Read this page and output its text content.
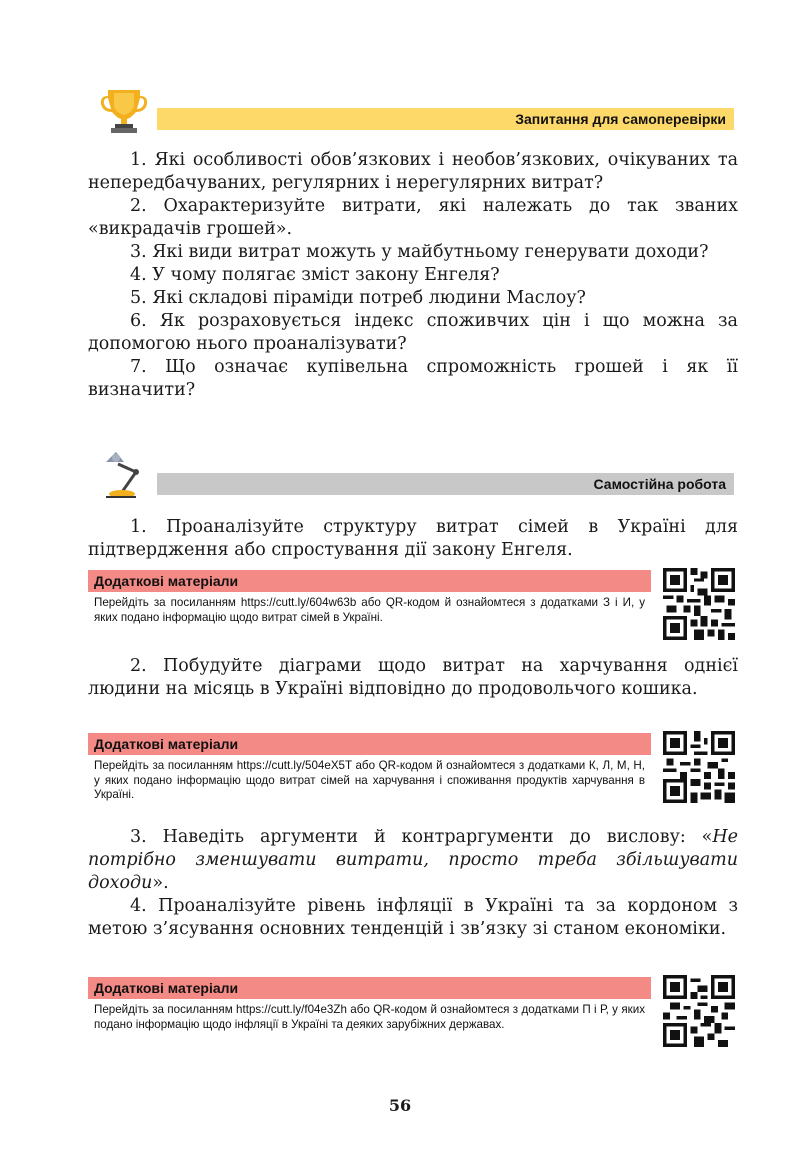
Запитання для самоперевірки

1. Які особливості обов’язкових і необов’язкових, очікуваних та непередбачуваних, регулярних і нерегулярних витрат?

2. Охарактеризуйте витрати, які належать до так званих «викрадачів грошей».

3. Які види витрат можуть у майбутньому генерувати доходи?

4. У чому полягає зміст закону Енгеля?

5. Які складові піраміди потреб людини Маслоу?

6. Як розраховується індекс споживчих цін і що можна за допомогою нього проаналізувати?

7. Що означає купівельна спроможність грошей і як її визначити?

Самостійна робота

1. Проаналізуйте структуру витрат сімей в Україні для підтвердження або спростування дії закону Енгеля.

Додаткові матеріали
Перейдіть за посиланням https://cutt.ly/604w63b або QR-кодом й ознайомтеся з додатками З і И, у яких подано інформацію щодо витрат сімей в Україні.

2. Побудуйте діаграми щодо витрат на харчування однієї людини на місяць в Україні відповідно до продовольчого кошика.

Додаткові матеріали
Перейдіть за посиланням https://cutt.ly/504eX5T або QR-кодом й ознайомтеся з додатками К, Л, М, Н, у яких подано інформацію щодо витрат сімей на харчування і споживання продуктів харчування в Україні.

3. Наведіть аргументи й контраргументи до вислову: «Не потрібно зменшувати витрати, просто треба збільшувати доходи».

4. Проаналізуйте рівень інфляції в Україні та за кордоном з метою з’ясування основних тенденцій і зв’язку зі станом економіки.

Додаткові матеріали
Перейдіть за посиланням https://cutt.ly/f04e3Zh або QR-кодом й ознайомтеся з додатками П і Р, у яких подано інформацію щодо інфляції в Україні та деяких зарубіжних державах.
56
